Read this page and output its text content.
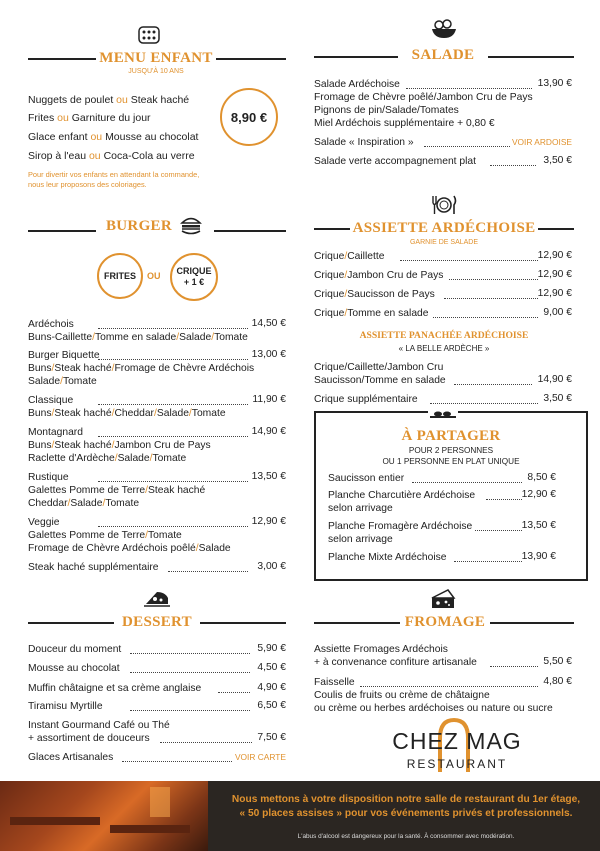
MENU ENFANT
JUSQU'À 10 ANS
Nuggets de poulet ou Steak haché
Frites ou Garniture du jour
Glace enfant ou Mousse au chocolat
Sirop à l'eau ou Coca-Cola au verre
8,90 €
Pour divertir vos enfants en attendant la commande,
nous leur proposons des coloriages.
BURGER
FRITES	OU CRIQUE
+ 1 €
Ardéchois	14,50 €
Buns-Caillette/Tomme en salade/Salade/Tomate
Burger Biquette	13,00 €
Buns/Steak haché/Fromage de Chèvre Ardéchois
Salade/Tomate
Classique	11,90 €
Buns/Steak haché/Cheddar/Salade/Tomate
Montagnard	14,90 €
Buns/Steak haché/Jambon Cru de Pays
Raclette d'Ardèche/Salade/Tomate
Rustique	13,50 €
Galettes Pomme de Terre/Steak haché
Cheddar/Salade/Tomate
Veggie	12,90 €
Galettes Pomme de Terre/Tomate
Fromage de Chèvre Ardéchois poêlé/Salade
Steak haché supplémentaire	3,00 €
DESSERT
Douceur du moment	5,90 €
Mousse au chocolat	4,50 €
Muffin châtaigne et sa crème anglaise	4,90 €
Tiramisu Myrtille	6,50 €
Instant Gourmand Café ou Thé
+ assortiment de douceurs	7,50 €
Glaces Artisanales	VOIR CARTE
SALADE
Salade Ardéchoise	13,90 €
Fromage de Chèvre poêlé/Jambon Cru de Pays
Pignons de pin/Salade/Tomates
Miel Ardéchois supplémentaire + 0,80 €
Salade « Inspiration »	VOIR ARDOISE
Salade verte accompagnement plat	3,50 €
ASSIETTE ARDÉCHOISE
GARNIE DE SALADE
Crique/Caillette	12,90 €
Crique/Jambon Cru de Pays	12,90 €
Crique/Saucisson de Pays	12,90 €
Crique/Tomme en salade	9,00 €
ASSIETTE PANACHÉE ARDÉCHOISE
« LA BELLE ARDÈCHE »
Crique/Caillette/Jambon Cru
Saucisson/Tomme en salade	14,90 €
Crique supplémentaire	3,50 €
À PARTAGER
POUR 2 PERSONNES
OU 1 PERSONNE EN PLAT UNIQUE
Saucisson entier	8,50 €
Planche Charcutière Ardéchoise	12,90 €
selon arrivage
Planche Fromagère Ardéchoise	13,50 €
selon arrivage
Planche Mixte Ardéchoise	13,90 €
FROMAGE
Assiette Fromages Ardéchois
+ à convenance confiture artisanale	5,50 €
Faisselle	4,80 €
Coulis de fruits ou crème de châtaigne
ou crème ou herbes ardéchoises ou nature ou sucre
CHEZ MAG
RESTAURANT
Nous mettons à votre disposition notre salle de restaurant du 1er étage,
« 50 places assises » pour vos événements privés et professionnels.
L'abus d'alcool est dangereux pour la santé. À consommer avec modération.
